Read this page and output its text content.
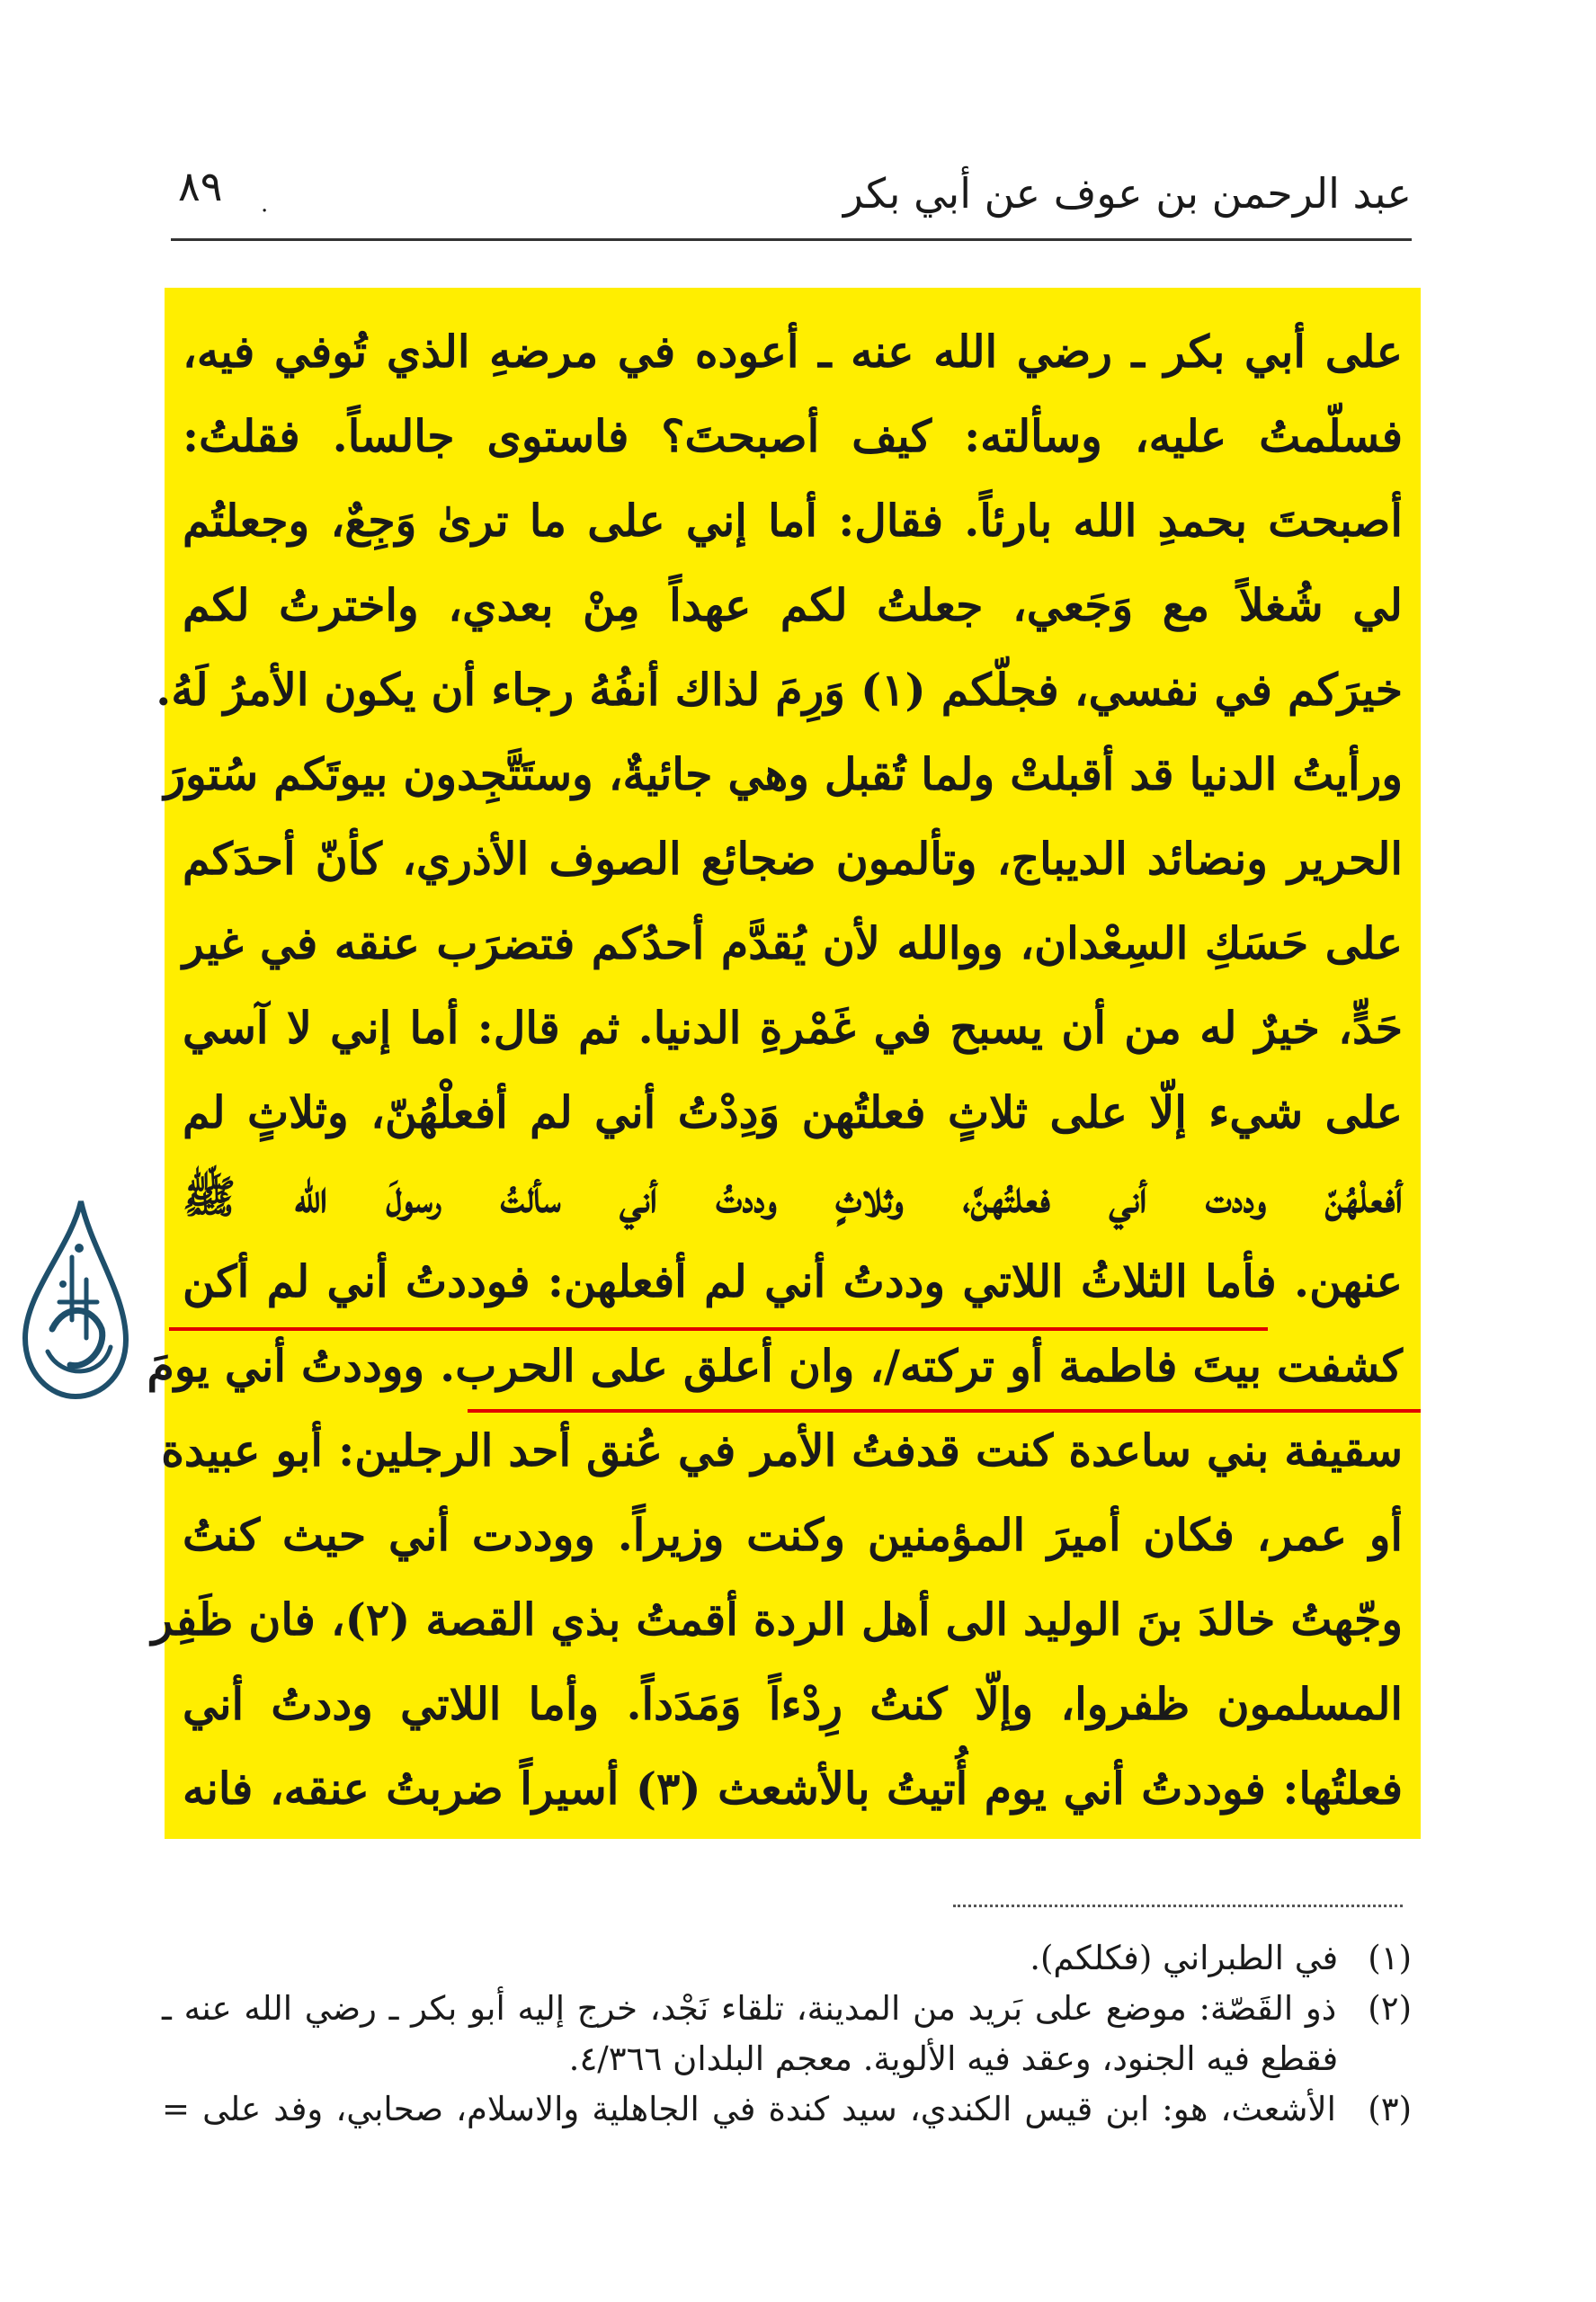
عبد الرحمن بن عوف عن أبي بكر
٨٩ .
على أبي بكر ـ رضي الله عنه ـ أعوده في مرضهِ الذي تُوفي فيه،
فسلّمتُ عليه، وسألته: كيف أصبحتَ؟ فاستوى جالساً. فقلتُ:
أصبحتَ بحمدِ الله بارئاً. فقال: أما إني على ما ترىٰ وَجِعٌ، وجعلتُم
لي شُغلاً مع وَجَعي، جعلتُ لكم عهداً مِنْ بعدي، واخترتُ لكم
خيرَكم في نفسي، فجلّكم (١) وَرِمَ لذاك أنفُهُ رجاء أن يكون الأمرُ لَهُ.
ورأيتُ الدنيا قد أقبلتْ ولما تُقبل وهي جائيةٌ، وستَتَّجِدون بيوتَكم سُتورَ
الحرير ونضائد الديباج، وتألمون ضجائع الصوف الأذري، كأنّ أحدَكم
على حَسَكِ السِعْدان، ووالله لأن يُقدَّم أحدُكم فتضرَب عنقه في غير
حَدٍّ، خيرٌ له من أن يسبح في غَمْرةِ الدنيا. ثم قال: أما إني لا آسي
على شيء إلّا على ثلاثٍ فعلتُهن وَدِدْتُ أني لم أفعلْهُنّ، وثلاثٍ لم
أفعلْهُنّ وددت أني فعلتُهنَّ، وثلاثٍ وددتُ أني سألتُ رسولَ الله ﷺ
عنهن. فأما الثلاثُ اللاتي وددتُ أني لم أفعلهن: فوددتُ أني لم أكن
كشفت بيتَ فاطمة أو تركته/، وان أعلق على الحرب. ووددتُ أني يومَ
سقيفة بني ساعدة كنت قدفتُ الأمر في عُنق أحد الرجلين: أبو عبيدة
أو عمر، فكان أميرَ المؤمنين وكنت وزيراً. ووددت أني حيث كنتُ
وجّهتُ خالدَ بنَ الوليد الى أهل الردة أقمتُ بذي القصة (٢)، فان ظَفِر
المسلمون ظفروا، وإلّا كنتُ رِدْءاً وَمَدَداً. وأما اللاتي وددتُ أني
فعلتُها: فوددتُ أني يوم أُتيتُ بالأشعث (٣) أسيراً ضربتُ عنقه، فانه
(١) في الطبراني (فكلكم).
(٢) ذو القَصّة: موضع على بَريد من المدينة، تلقاء نَجْد، خرج إليه أبو بكر ـ رضي الله عنه ـ
فقطع فيه الجنود، وعقد فيه الألوية. معجم البلدان ٤/٣٦٦.
(٣) الأشعث، هو: ابن قيس الكندي، سيد كندة في الجاهلية والاسلام، صحابي، وفد على =
